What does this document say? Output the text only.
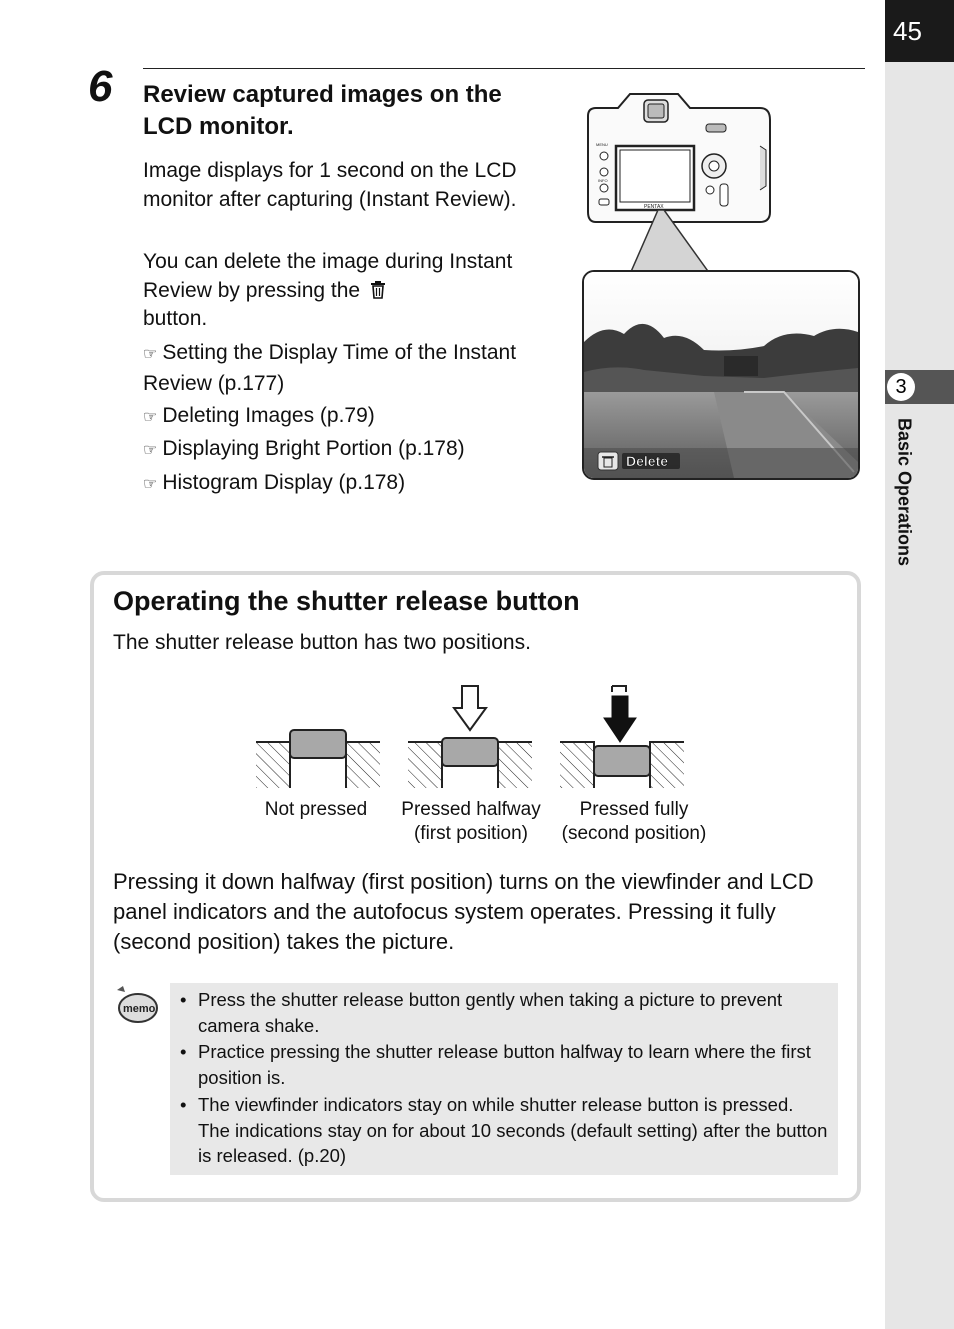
45
3
Basic Operations
6 Review captured images on the LCD monitor.
Image displays for 1 second on the LCD monitor after capturing (Instant Review).
You can delete the image during Instant Review by pressing the
button.
☞ Setting the Display Time of the Instant Review (p.177)
☞ Deleting Images (p.79)
☞ Displaying Bright Portion (p.178)
☞ Histogram Display (p.178)
PENTAX
MENU
INFO
Delete
Operating the shutter release button
The shutter release button has two positions.
Not pressed	Pressed halfway
(first position)
Pressed fully
(second position)
Pressing it down halfway (first position) turns on the viewfinder and LCD panel indicators and the autofocus system operates. Pressing it fully (second position) takes the picture.
memo • Press the shutter release button gently when taking a picture to prevent camera shake.
• Practice pressing the shutter release button halfway to learn where the first position is.
• The viewfinder indicators stay on while shutter release button is pressed. The indications stay on for about 10 seconds (default setting) after the button is released. (p.20)
